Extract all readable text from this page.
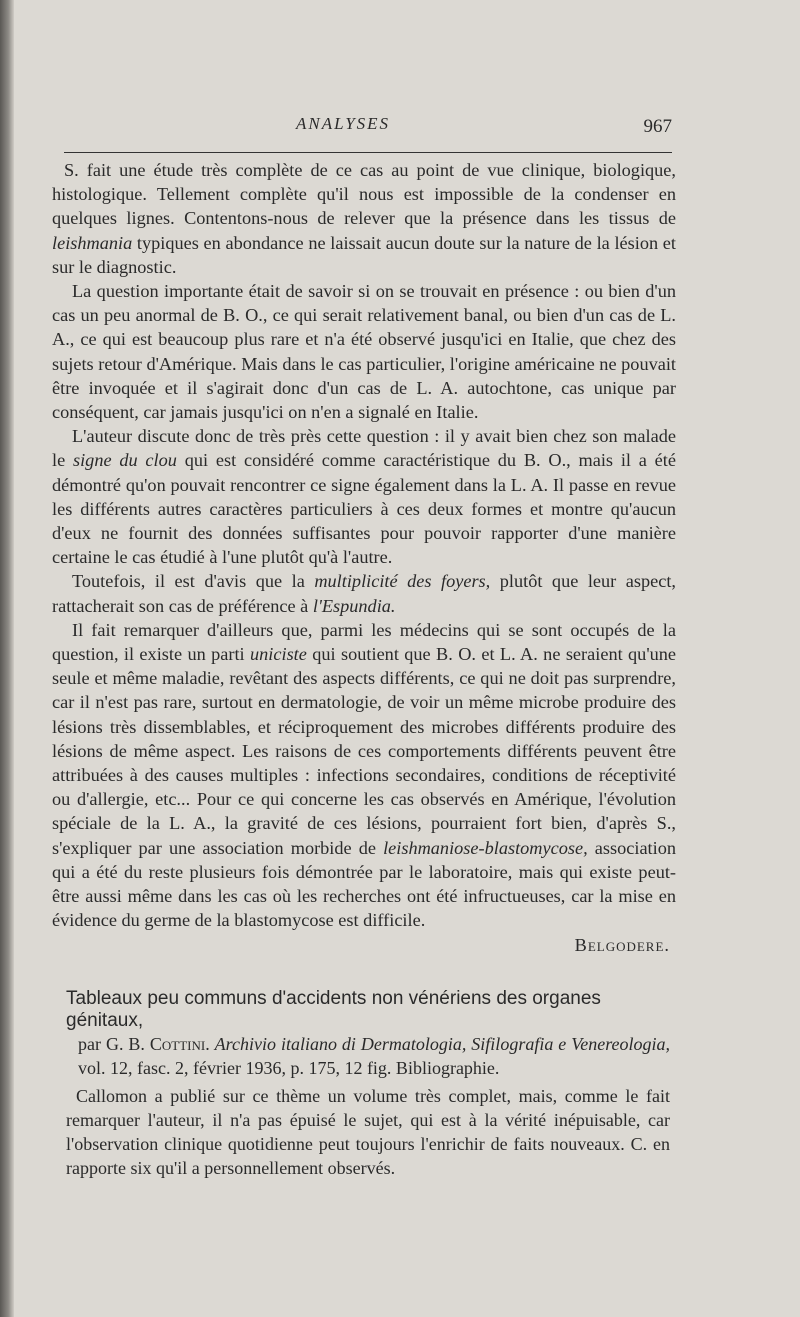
ANALYSES	967

S. fait une étude très complète de ce cas au point de vue clinique, biologique, histologique. Tellement complète qu'il nous est impossible de la condenser en quelques lignes. Contentons-nous de relever que la présence dans les tissus de leishmania typiques en abondance ne laissait aucun doute sur la nature de la lésion et sur le diagnostic.

La question importante était de savoir si on se trouvait en présence : ou bien d'un cas un peu anormal de B. O., ce qui serait relativement banal, ou bien d'un cas de L. A., ce qui est beaucoup plus rare et n'a été observé jusqu'ici en Italie, que chez des sujets retour d'Amérique. Mais dans le cas particulier, l'origine américaine ne pouvait être invoquée et il s'agirait donc d'un cas de L. A. autochtone, cas unique par conséquent, car jamais jusqu'ici on n'en a signalé en Italie.

L'auteur discute donc de très près cette question : il y avait bien chez son malade le signe du clou qui est considéré comme caractéristique du B. O., mais il a été démontré qu'on pouvait rencontrer ce signe également dans la L. A. Il passe en revue les différents autres caractères particuliers à ces deux formes et montre qu'aucun d'eux ne fournit des données suffisantes pour pouvoir rapporter d'une manière certaine le cas étudié à l'une plutôt qu'à l'autre.

Toutefois, il est d'avis que la multiplicité des foyers, plutôt que leur aspect, rattacherait son cas de préférence à l'Espundia.

Il fait remarquer d'ailleurs que, parmi les médecins qui se sont occupés de la question, il existe un parti uniciste qui soutient que B. O. et L. A. ne seraient qu'une seule et même maladie, revêtant des aspects différents, ce qui ne doit pas surprendre, car il n'est pas rare, surtout en dermatologie, de voir un même microbe produire des lésions très dissemblables, et réciproquement des microbes différents produire des lésions de même aspect. Les raisons de ces comportements différents peuvent être attribuées à des causes multiples : infections secondaires, conditions de réceptivité ou d'allergie, etc... Pour ce qui concerne les cas observés en Amérique, l'évolution spéciale de la L. A., la gravité de ces lésions, pourraient fort bien, d'après S., s'expliquer par une association morbide de leishmaniose-blastomycose, association qui a été du reste plusieurs fois démontrée par le laboratoire, mais qui existe peut-être aussi même dans les cas où les recherches ont été infructueuses, car la mise en évidence du germe de la blastomycose est difficile.

Belgodere.

Tableaux peu communs d'accidents non vénériens des organes génitaux,

par G. B. Cottini. Archivio italiano di Dermatologia, Sifilografia e Venereologia, vol. 12, fasc. 2, février 1936, p. 175, 12 fig. Bibliographie.

Callomon a publié sur ce thème un volume très complet, mais, comme le fait remarquer l'auteur, il n'a pas épuisé le sujet, qui est à la vérité inépuisable, car l'observation clinique quotidienne peut toujours l'enrichir de faits nouveaux. C. en rapporte six qu'il a personnellement observés.
